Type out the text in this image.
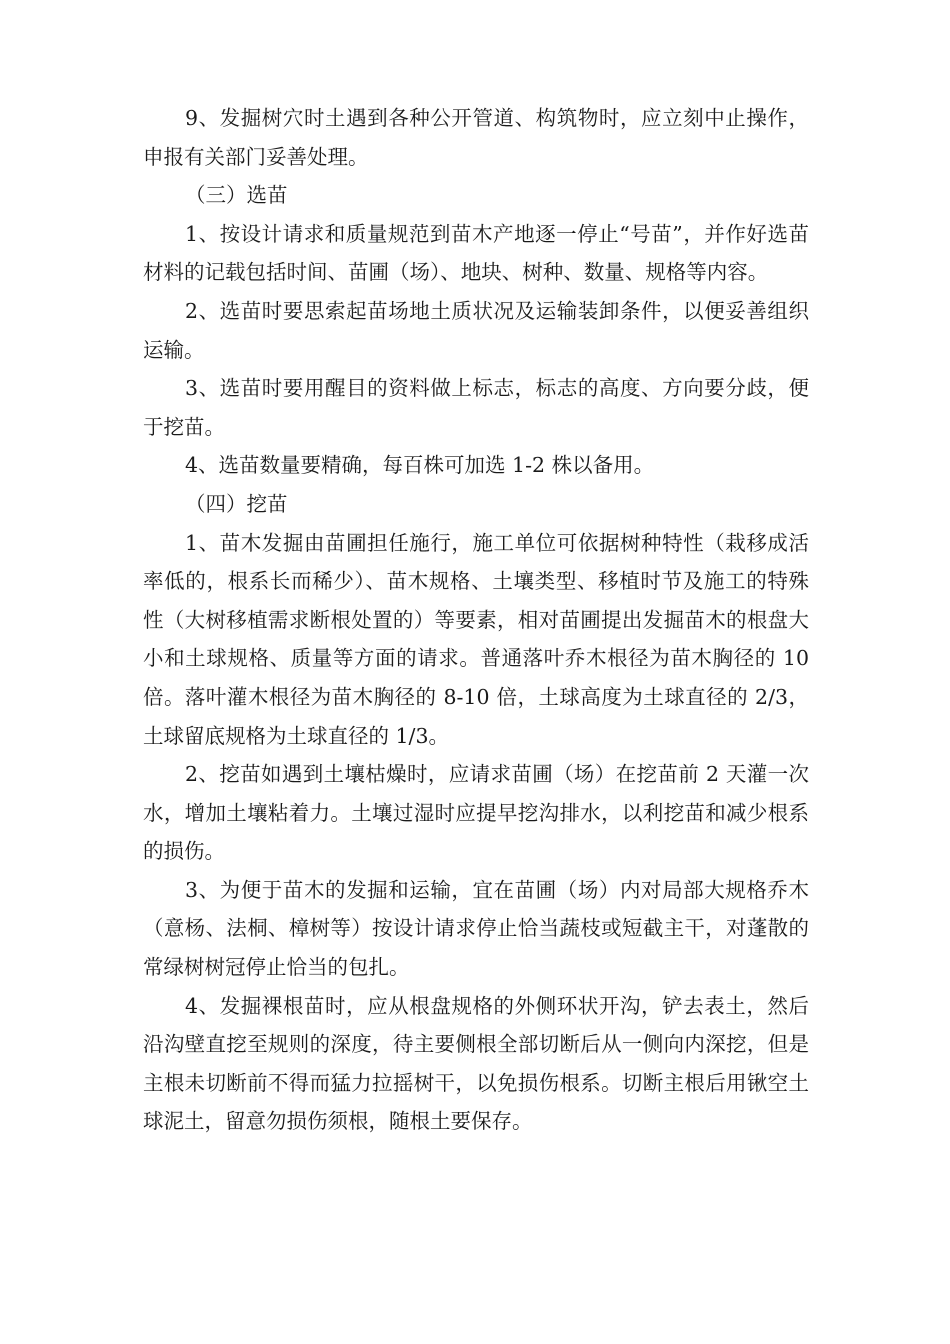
9、发掘树穴时土遇到各种公开管道、构筑物时，应立刻中止操作，申报有关部门妥善处理。

（三）选苗

1、按设计请求和质量规范到苗木产地逐一停止“号苗”，并作好选苗材料的记载包括时间、苗圃（场）、地块、树种、数量、规格等内容。

2、选苗时要思索起苗场地土质状况及运输装卸条件，以便妥善组织运输。

3、选苗时要用醒目的资料做上标志，标志的高度、方向要分歧，便于挖苗。

4、选苗数量要精确，每百株可加选 1-2 株以备用。

（四）挖苗

1、苗木发掘由苗圃担任施行，施工单位可依据树种特性（栽移成活率低的，根系长而稀少）、苗木规格、土壤类型、移植时节及施工的特殊性（大树移植需求断根处置的）等要素，相对苗圃提出发掘苗木的根盘大小和土球规格、质量等方面的请求。普通落叶乔木根径为苗木胸径的 10 倍。落叶灌木根径为苗木胸径的 8-10 倍，土球高度为土球直径的 2/3，土球留底规格为土球直径的 1/3。

2、挖苗如遇到土壤枯燥时，应请求苗圃（场）在挖苗前 2 天灌一次水，增加土壤粘着力。土壤过湿时应提早挖沟排水，以利挖苗和减少根系的损伤。

3、为便于苗木的发掘和运输，宜在苗圃（场）内对局部大规格乔木（意杨、法桐、樟树等）按设计请求停止恰当蔬枝或短截主干，对蓬散的常绿树树冠停止恰当的包扎。

4、发掘裸根苗时，应从根盘规格的外侧环状开沟，铲去表土，然后沿沟壁直挖至规则的深度，待主要侧根全部切断后从一侧向内深挖，但是主根未切断前不得而猛力拉摇树干，以免损伤根系。切断主根后用锹空土球泥土，留意勿损伤须根，随根土要保存。
